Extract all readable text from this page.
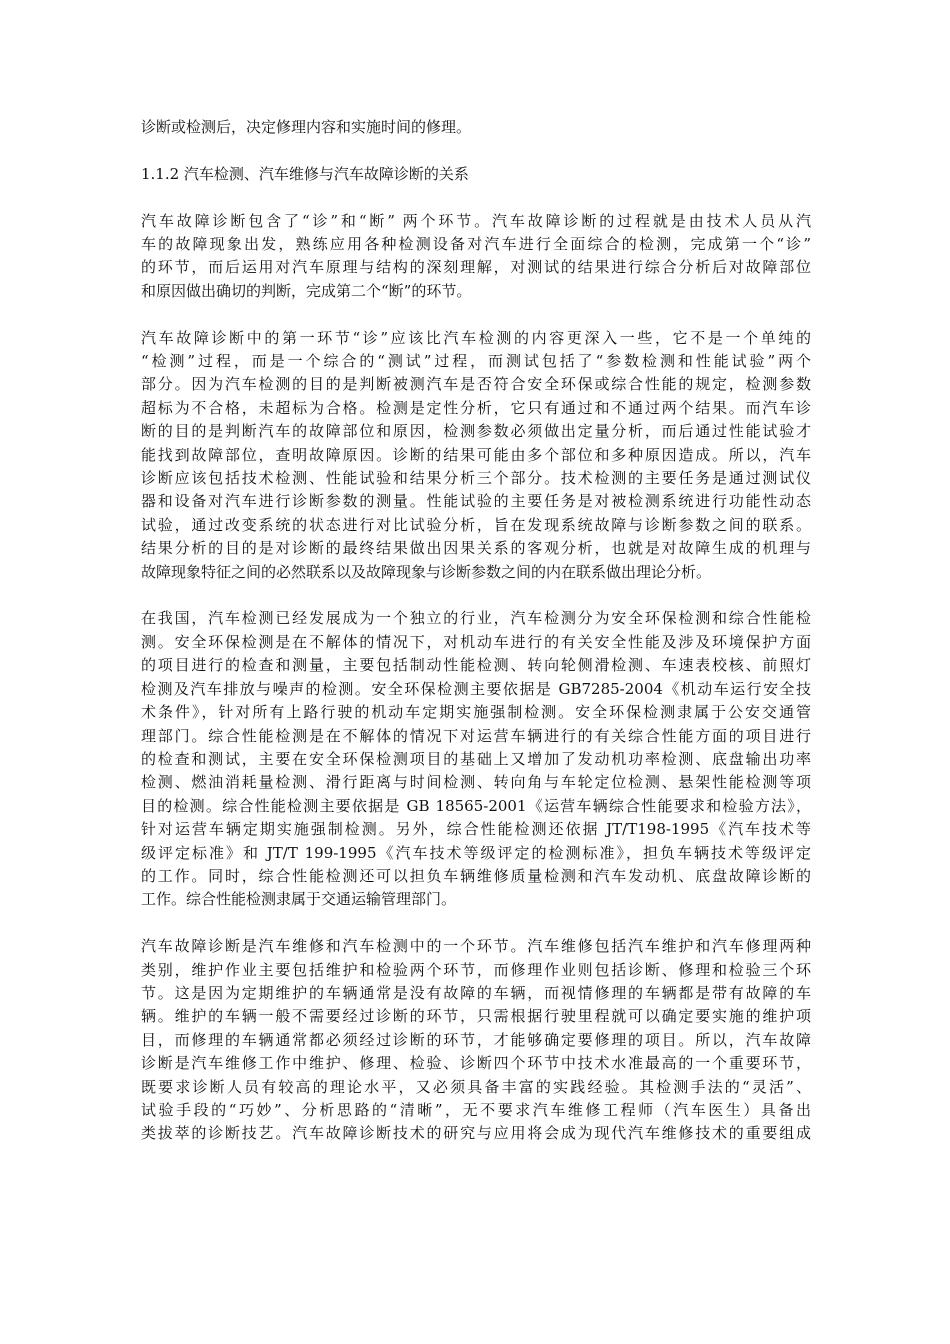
诊断或检测后，决定修理内容和实施时间的修理。
1.1.2 汽车检测、汽车维修与汽车故障诊断的关系
汽车故障诊断包含了“诊”和“断” 两个环节。汽车故障诊断的过程就是由技术人员从汽
车的故障现象出发，熟练应用各种检测设备对汽车进行全面综合的检测，完成第一个“诊”
的环节，而后运用对汽车原理与结构的深刻理解，对测试的结果进行综合分析后对故障部位
和原因做出确切的判断，完成第二个“断”的环节。
汽车故障诊断中的第一环节“诊”应该比汽车检测的内容更深入一些，它不是一个单纯的
“检测”过程，而是一个综合的“测试”过程，而测试包括了“参数检测和性能试验”两个
部分。因为汽车检测的目的是判断被测汽车是否符合安全环保或综合性能的规定，检测参数
超标为不合格，未超标为合格。检测是定性分析，它只有通过和不通过两个结果。而汽车诊
断的目的是判断汽车的故障部位和原因，检测参数必须做出定量分析，而后通过性能试验才
能找到故障部位，查明故障原因。诊断的结果可能由多个部位和多种原因造成。所以，汽车
诊断应该包括技术检测、性能试验和结果分析三个部分。技术检测的主要任务是通过测试仪
器和设备对汽车进行诊断参数的测量。性能试验的主要任务是对被检测系统进行功能性动态
试验，通过改变系统的状态进行对比试验分析，旨在发现系统故障与诊断参数之间的联系。
结果分析的目的是对诊断的最终结果做出因果关系的客观分析，也就是对故障生成的机理与
故障现象特征之间的必然联系以及故障现象与诊断参数之间的内在联系做出理论分析。
在我国，汽车检测已经发展成为一个独立的行业，汽车检测分为安全环保检测和综合性能检
测。安全环保检测是在不解体的情况下，对机动车进行的有关安全性能及涉及环境保护方面
的项目进行的检查和测量，主要包括制动性能检测、转向轮侧滑检测、车速表校核、前照灯
检测及汽车排放与噪声的检测。安全环保检测主要依据是 GB7285-2004《机动车运行安全技
术条件》，针对所有上路行驶的机动车定期实施强制检测。安全环保检测隶属于公安交通管
理部门。综合性能检测是在不解体的情况下对运营车辆进行的有关综合性能方面的项目进行
的检查和测试，主要在安全环保检测项目的基础上又增加了发动机功率检测、底盘输出功率
检测、燃油消耗量检测、滑行距离与时间检测、转向角与车轮定位检测、悬架性能检测等项
目的检测。综合性能检测主要依据是 GB 18565-2001《运营车辆综合性能要求和检验方法》，
针对运营车辆定期实施强制检测。另外，综合性能检测还依据 JT/T198-1995《汽车技术等
级评定标准》和 JT/T 199-1995《汽车技术等级评定的检测标准》，担负车辆技术等级评定
的工作。同时，综合性能检测还可以担负车辆维修质量检测和汽车发动机、底盘故障诊断的
工作。综合性能检测隶属于交通运输管理部门。
汽车故障诊断是汽车维修和汽车检测中的一个环节。汽车维修包括汽车维护和汽车修理两种
类别，维护作业主要包括维护和检验两个环节，而修理作业则包括诊断、修理和检验三个环
节。这是因为定期维护的车辆通常是没有故障的车辆，而视情修理的车辆都是带有故障的车
辆。维护的车辆一般不需要经过诊断的环节，只需根据行驶里程就可以确定要实施的维护项
目，而修理的车辆通常都必须经过诊断的环节，才能够确定要修理的项目。所以，汽车故障
诊断是汽车维修工作中维护、修理、检验、诊断四个环节中技术水准最高的一个重要环节，
既要求诊断人员有较高的理论水平，又必须具备丰富的实践经验。其检测手法的“灵活”、
试验手段的“巧妙”、分析思路的“清晰”，无不要求汽车维修工程师（汽车医生）具备出
类拔萃的诊断技艺。汽车故障诊断技术的研究与应用将会成为现代汽车维修技术的重要组成
